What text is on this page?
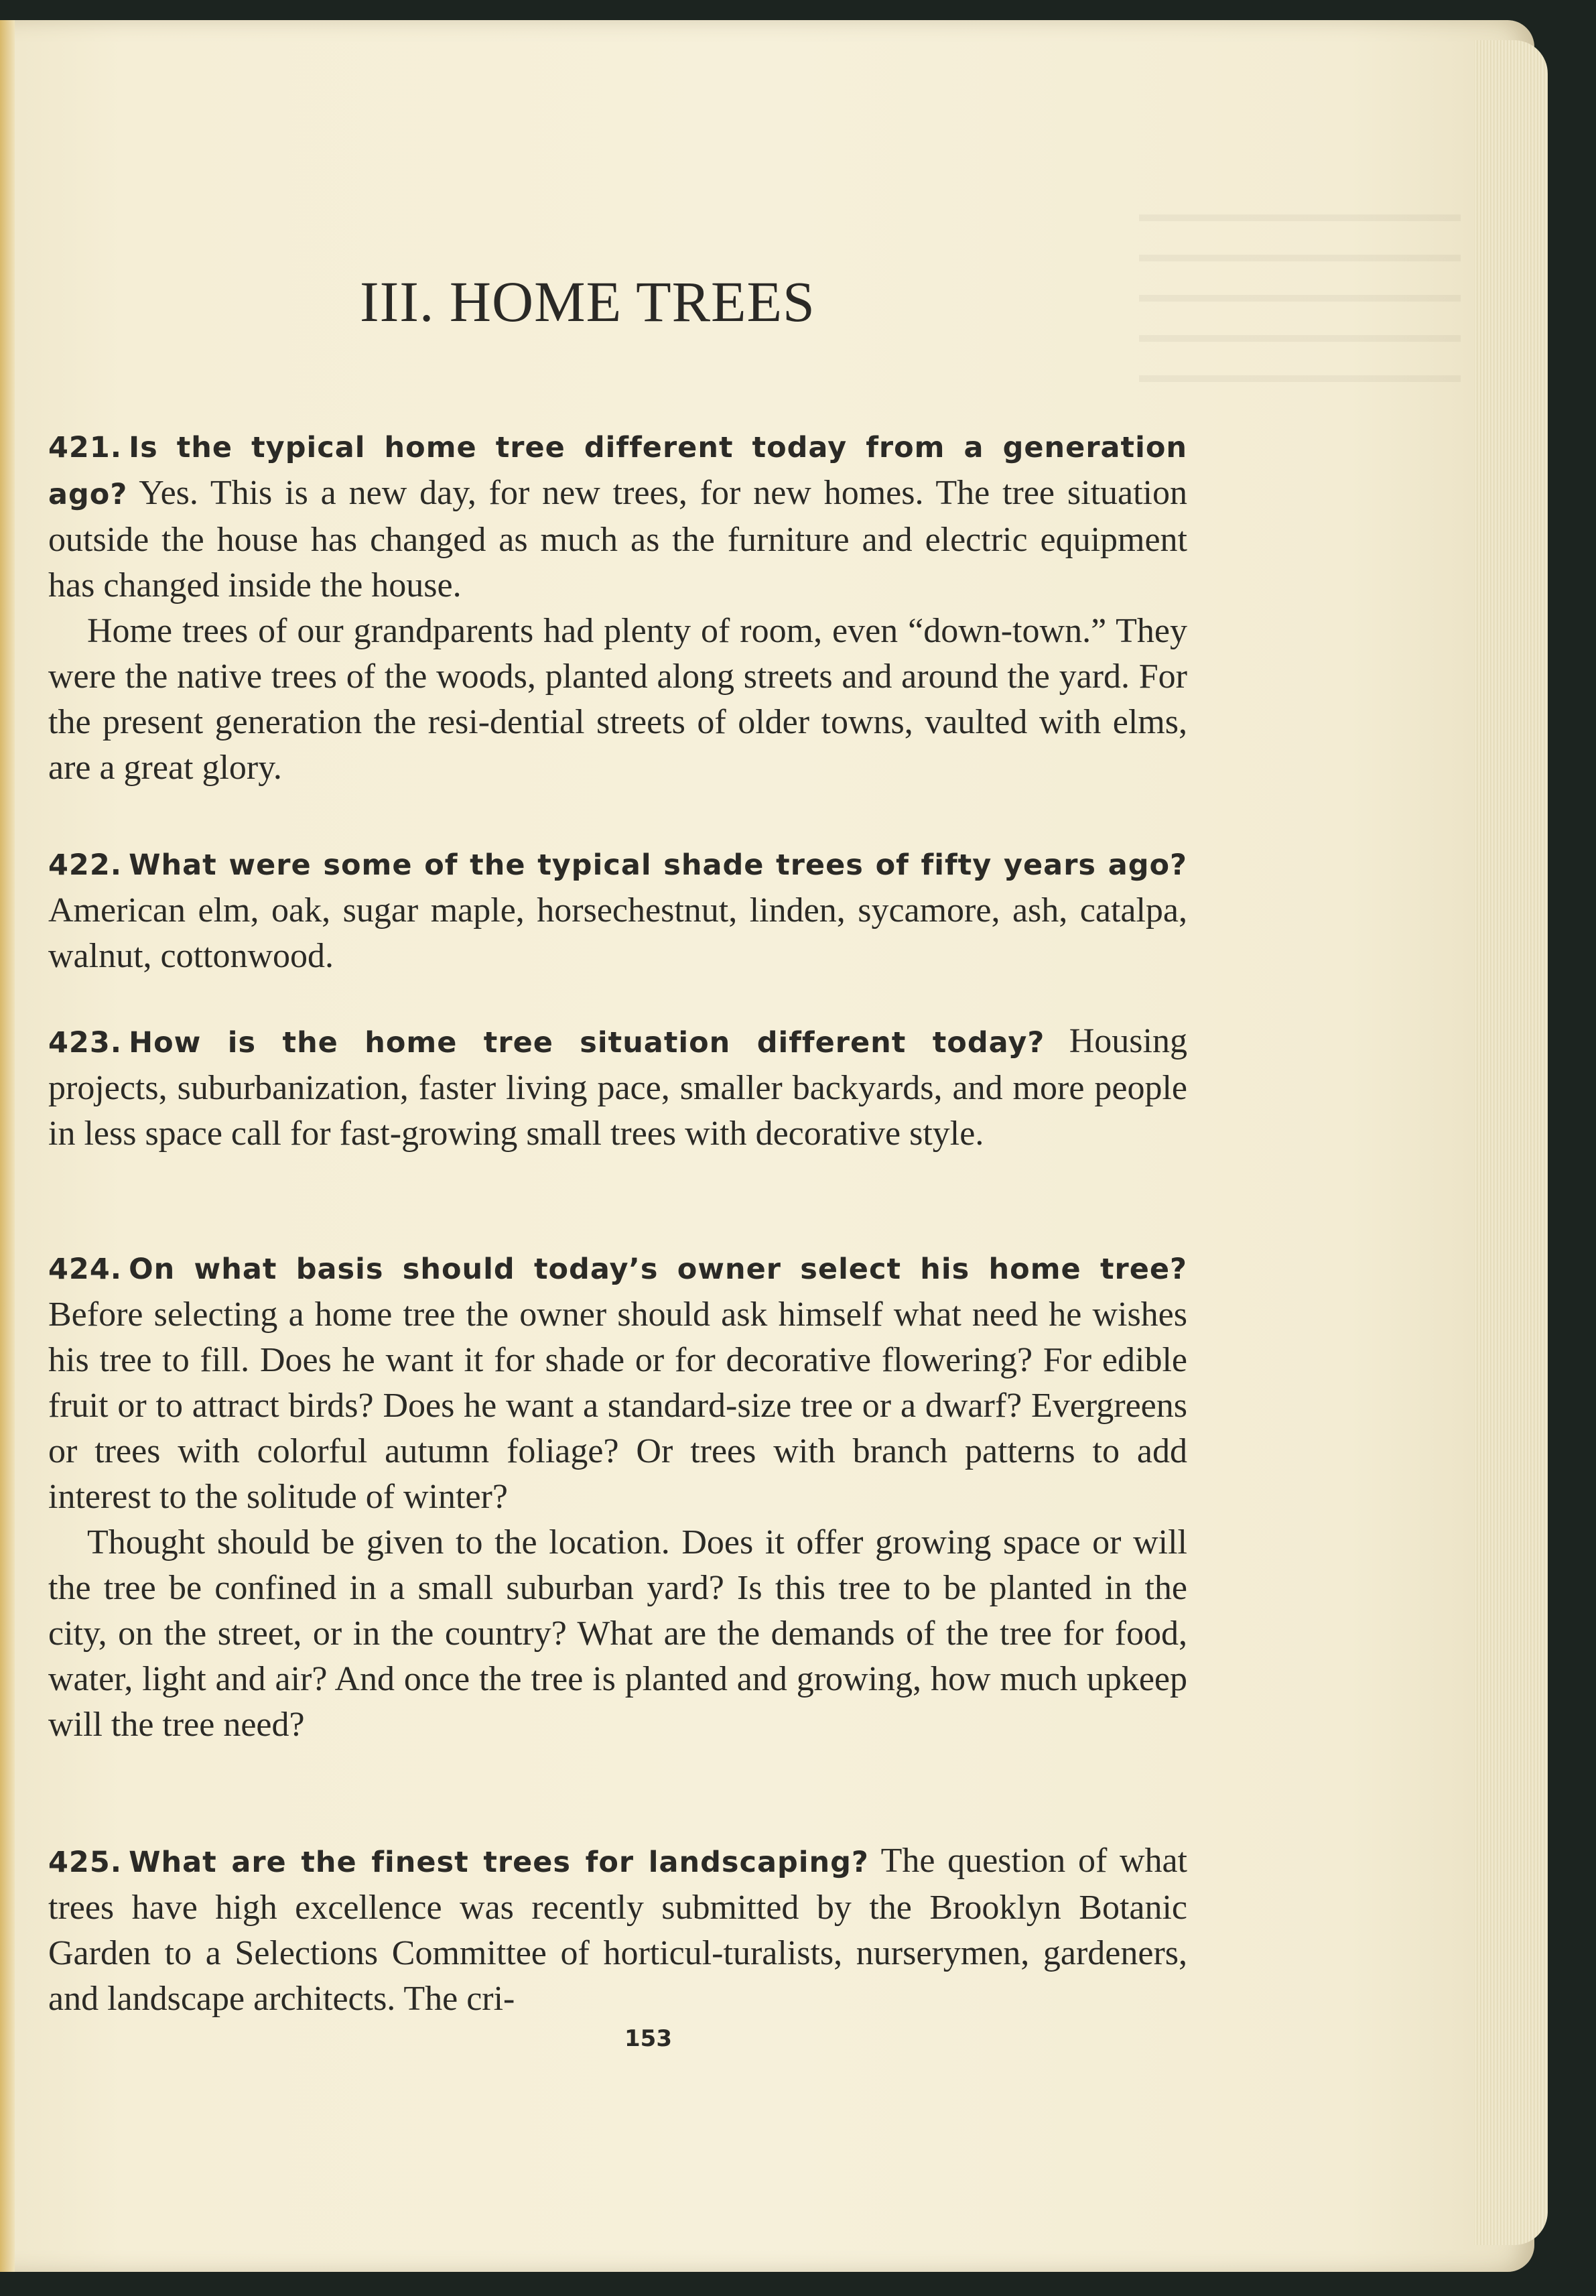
III. HOME TREES

421. Is the typical home tree different today from a generation ago? Yes. This is a new day, for new trees, for new homes. The tree situation outside the house has changed as much as the furniture and electric equipment has changed inside the house.

Home trees of our grandparents had plenty of room, even “down-town.” They were the native trees of the woods, planted along streets and around the yard. For the present generation the resi-dential streets of older towns, vaulted with elms, are a great glory.

422. What were some of the typical shade trees of fifty years ago? American elm, oak, sugar maple, horsechestnut, linden, sycamore, ash, catalpa, walnut, cottonwood.

423. How is the home tree situation different today? Housing projects, suburbanization, faster living pace, smaller backyards, and more people in less space call for fast-growing small trees with decorative style.

424. On what basis should today’s owner select his home tree? Before selecting a home tree the owner should ask himself what need he wishes his tree to fill. Does he want it for shade or for decorative flowering? For edible fruit or to attract birds? Does he want a standard-size tree or a dwarf? Evergreens or trees with colorful autumn foliage? Or trees with branch patterns to add interest to the solitude of winter?

Thought should be given to the location. Does it offer growing space or will the tree be confined in a small suburban yard? Is this tree to be planted in the city, on the street, or in the country? What are the demands of the tree for food, water, light and air? And once the tree is planted and growing, how much upkeep will the tree need?

425. What are the finest trees for landscaping? The question of what trees have high excellence was recently submitted by the Brooklyn Botanic Garden to a Selections Committee of horticul-turalists, nurserymen, gardeners, and landscape architects. The cri-

153
